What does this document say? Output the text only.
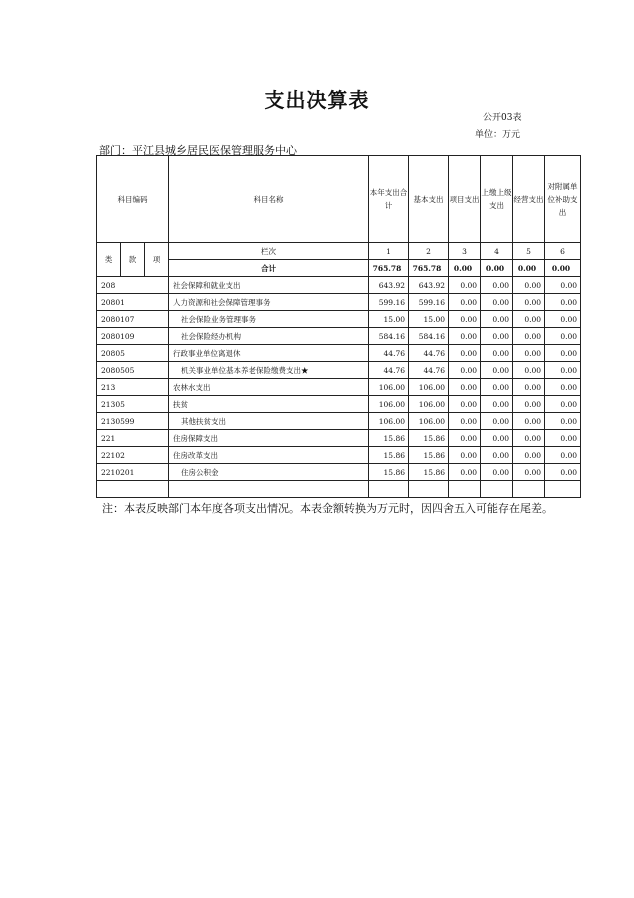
支出决算表
公开03表
单位：万元
部门：平江县城乡居民医保管理服务中心
科目编码			科目名称	本年支出合计	基本支出	项目支出	上缴上级支出	经营支出	对附属单位补助支出
类	款	项	栏次	1	2	3	4	5	6
			合计	765.78	765.78	0.00	0.00	0.00	0.00
208			社会保障和就业支出	643.92	643.92	0.00	0.00	0.00	0.00
20801			人力资源和社会保障管理事务	599.16	599.16	0.00	0.00	0.00	0.00
2080107			社会保险业务管理事务	15.00	15.00	0.00	0.00	0.00	0.00
2080109			社会保险经办机构	584.16	584.16	0.00	0.00	0.00	0.00
20805			行政事业单位离退休	44.76	44.76	0.00	0.00	0.00	0.00
2080505			机关事业单位基本养老保险缴费支出★	44.76	44.76	0.00	0.00	0.00	0.00
213			农林水支出	106.00	106.00	0.00	0.00	0.00	0.00
21305			扶贫	106.00	106.00	0.00	0.00	0.00	0.00
2130599			其他扶贫支出	106.00	106.00	0.00	0.00	0.00	0.00
221			住房保障支出	15.86	15.86	0.00	0.00	0.00	0.00
22102			住房改革支出	15.86	15.86	0.00	0.00	0.00	0.00
2210201			住房公积金	15.86	15.86	0.00	0.00	0.00	0.00

注：本表反映部门本年度各项支出情况。本表金额转换为万元时，因四舍五入可能存在尾差。
